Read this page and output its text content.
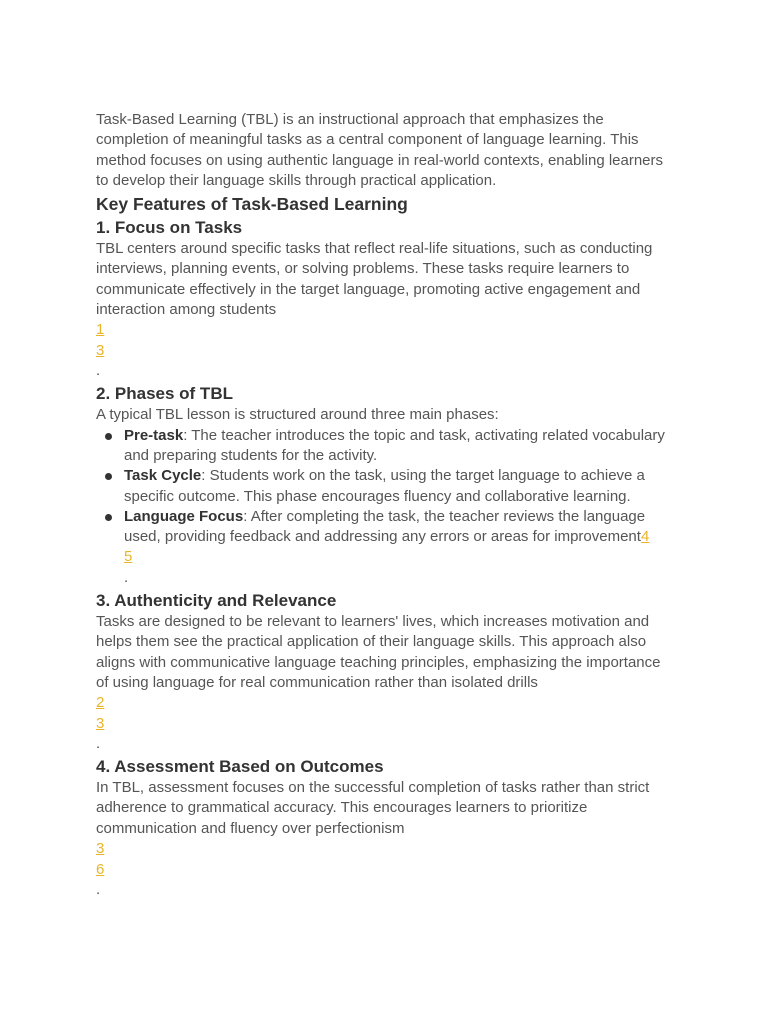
Task-Based Learning (TBL) is an instructional approach that emphasizes the completion of meaningful tasks as a central component of language learning. This method focuses on using authentic language in real-world contexts, enabling learners to develop their language skills through practical application.

Key Features of Task-Based Learning
1. Focus on Tasks

TBL centers around specific tasks that reflect real-life situations, such as conducting interviews, planning events, or solving problems. These tasks require learners to communicate effectively in the target language, promoting active engagement and interaction among students

1
3
.
2. Phases of TBL

A typical TBL lesson is structured around three main phases:

Pre-task: The teacher introduces the topic and task, activating related vocabulary and preparing students for the activity.
Task Cycle: Students work on the task, using the target language to achieve a specific outcome. This phase encourages fluency and collaborative learning.
Language Focus: After completing the task, the teacher reviews the language used, providing feedback and addressing any errors or areas for improvement4
5
.
3. Authenticity and Relevance

Tasks are designed to be relevant to learners' lives, which increases motivation and helps them see the practical application of their language skills. This approach also aligns with communicative language teaching principles, emphasizing the importance of using language for real communication rather than isolated drills

2
3
.
4. Assessment Based on Outcomes

In TBL, assessment focuses on the successful completion of tasks rather than strict adherence to grammatical accuracy. This encourages learners to prioritize communication and fluency over perfectionism

3
6
.
